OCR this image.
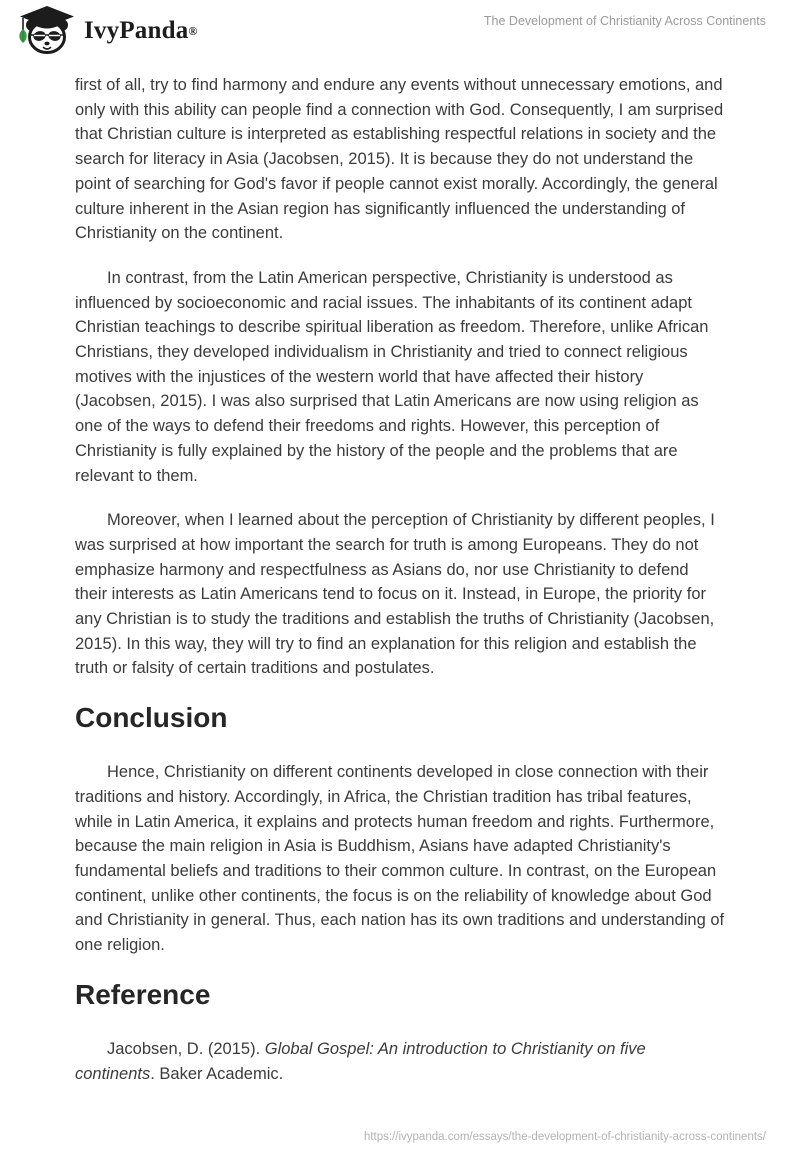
IvyPanda ®
The Development of Christianity Across Continents

first of all, try to find harmony and endure any events without unnecessary emotions, and only with this ability can people find a connection with God. Consequently, I am surprised that Christian culture is interpreted as establishing respectful relations in society and the search for literacy in Asia (Jacobsen, 2015). It is because they do not understand the point of searching for God's favor if people cannot exist morally. Accordingly, the general culture inherent in the Asian region has significantly influenced the understanding of Christianity on the continent.

In contrast, from the Latin American perspective, Christianity is understood as influenced by socioeconomic and racial issues. The inhabitants of its continent adapt Christian teachings to describe spiritual liberation as freedom. Therefore, unlike African Christians, they developed individualism in Christianity and tried to connect religious motives with the injustices of the western world that have affected their history (Jacobsen, 2015). I was also surprised that Latin Americans are now using religion as one of the ways to defend their freedoms and rights. However, this perception of Christianity is fully explained by the history of the people and the problems that are relevant to them.

Moreover, when I learned about the perception of Christianity by different peoples, I was surprised at how important the search for truth is among Europeans. They do not emphasize harmony and respectfulness as Asians do, nor use Christianity to defend their interests as Latin Americans tend to focus on it. Instead, in Europe, the priority for any Christian is to study the traditions and establish the truths of Christianity (Jacobsen, 2015). In this way, they will try to find an explanation for this religion and establish the truth or falsity of certain traditions and postulates.

Conclusion

Hence, Christianity on different continents developed in close connection with their traditions and history. Accordingly, in Africa, the Christian tradition has tribal features, while in Latin America, it explains and protects human freedom and rights. Furthermore, because the main religion in Asia is Buddhism, Asians have adapted Christianity's fundamental beliefs and traditions to their common culture. In contrast, on the European continent, unlike other continents, the focus is on the reliability of knowledge about God and Christianity in general. Thus, each nation has its own traditions and understanding of one religion.

Reference

Jacobsen, D. (2015). Global Gospel: An introduction to Christianity on five continents. Baker Academic.

https://ivypanda.com/essays/the-development-of-christianity-across-continents/
